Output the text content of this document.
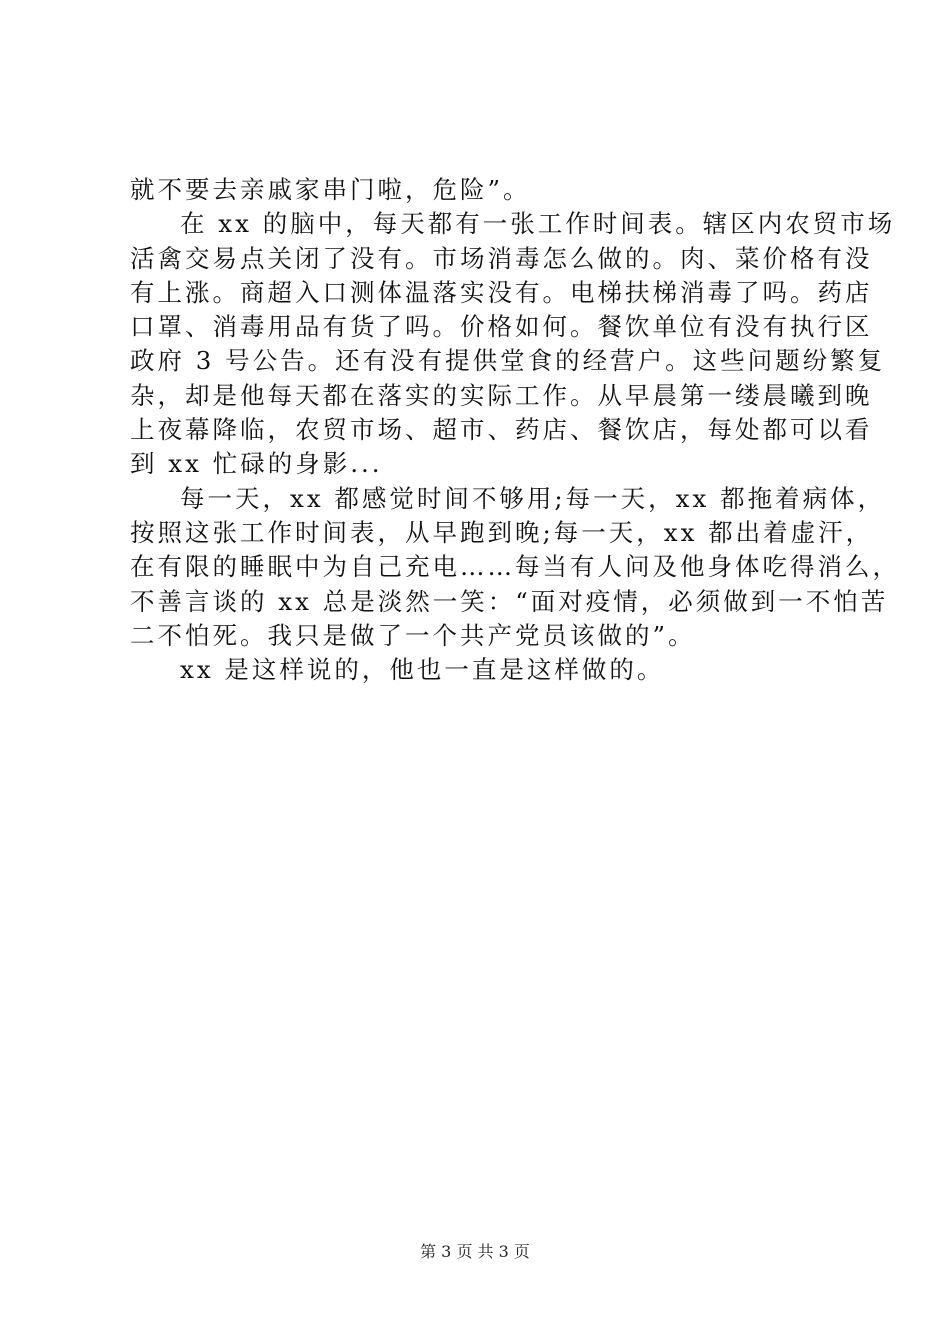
就不要去亲戚家串门啦，危险”。

在 xx 的脑中，每天都有一张工作时间表。辖区内农贸市场
活禽交易点关闭了没有。市场消毒怎么做的。肉、菜价格有没
有上涨。商超入口测体温落实没有。电梯扶梯消毒了吗。药店
口罩、消毒用品有货了吗。价格如何。餐饮单位有没有执行区
政府 3 号公告。还有没有提供堂食的经营户。这些问题纷繁复
杂，却是他每天都在落实的实际工作。从早晨第一缕晨曦到晚
上夜幕降临，农贸市场、超市、药店、餐饮店，每处都可以看
到 xx 忙碌的身影...

每一天，xx 都感觉时间不够用;每一天，xx 都拖着病体，
按照这张工作时间表，从早跑到晚;每一天，xx 都出着虚汗，
在有限的睡眠中为自己充电……每当有人问及他身体吃得消么，
不善言谈的 xx 总是淡然一笑：“面对疫情，必须做到一不怕苦
二不怕死。我只是做了一个共产党员该做的”。

xx 是这样说的，他也一直是这样做的。

第 3 页 共 3 页
